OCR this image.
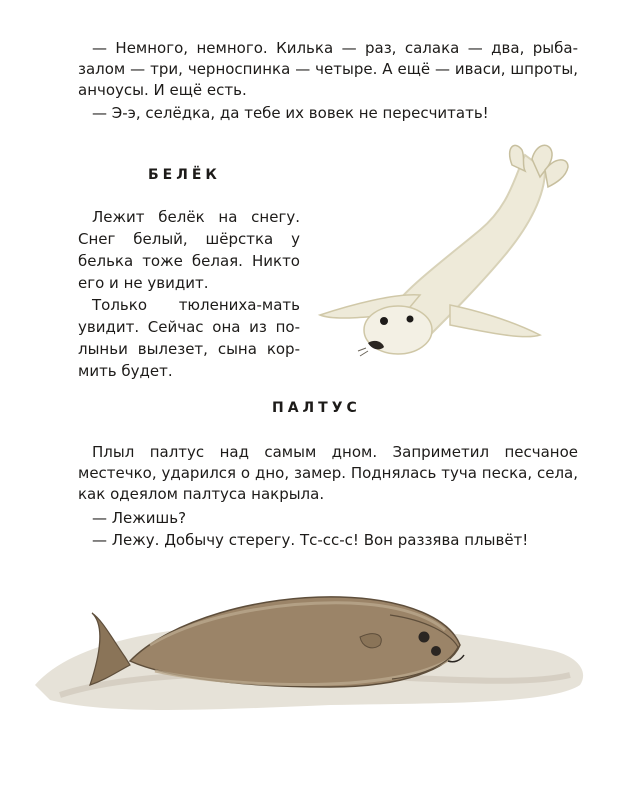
— Немного, немного. Килька — раз, салака — два, рыба-

залом — три, черноспинка — четыре. А ещё — иваси, шпроты, анчоусы. И ещё есть.

— Э-э, селёдка, да тебе их вовек не пересчитать!

БЕЛЁК

Лежит белёк на снегу.

Снег белый, шёрстка у

белька тоже белая. Никто

его и не увидит.

Только тюлениха-мать

увидит. Сейчас она из по-

лыньи вылезет, сына кор-

мить будет.

ПАЛТУС

Плыл палтус над самым дном. Заприметил песчаное местечко, ударился о дно, замер. Поднялась туча песка, села, как одеялом палтуса накрыла.

— Лежишь?

— Лежу. Добычу стерегу. Тс-сс-с! Вон раззява плывёт!
